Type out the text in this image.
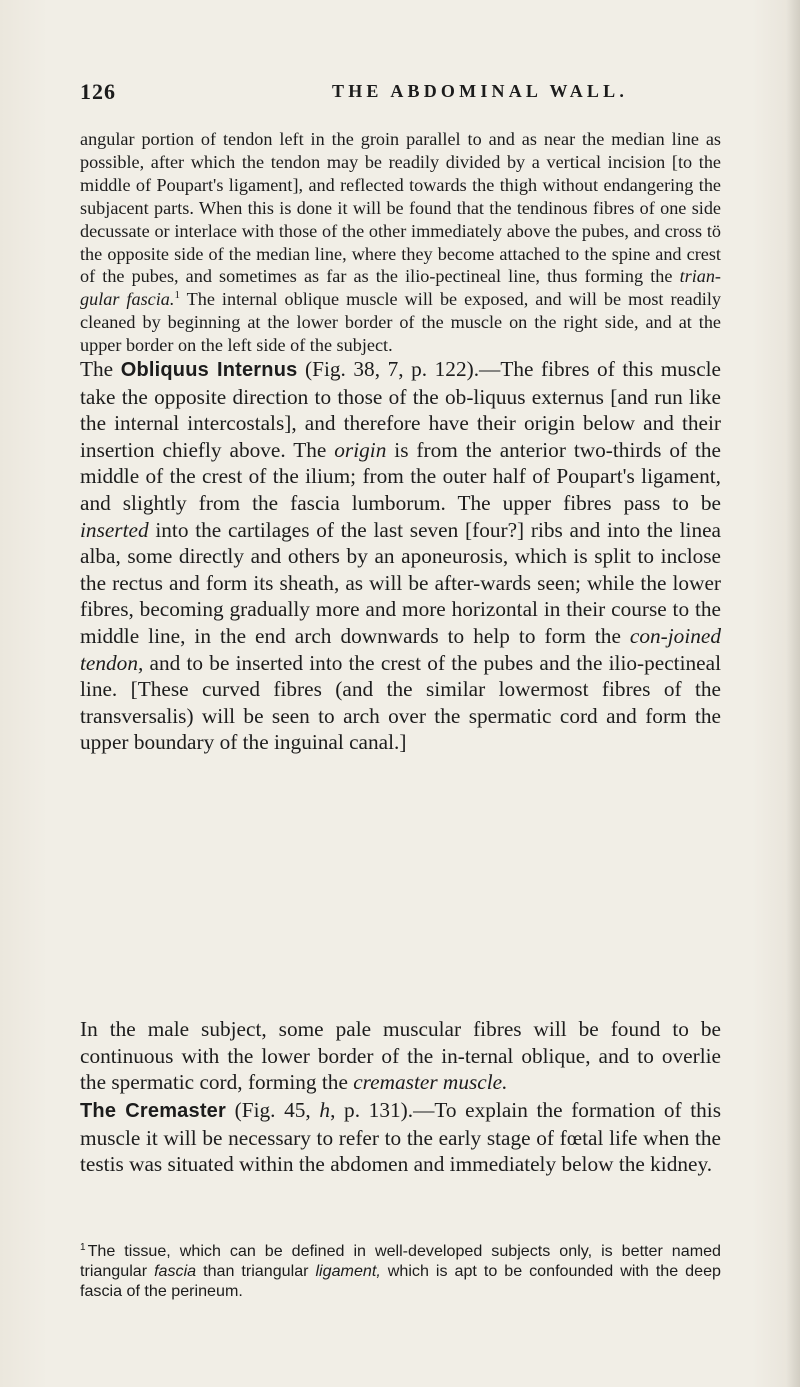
126	THE ABDOMINAL WALL.

angular portion of tendon left in the groin parallel to and as near the median line as possible, after which the tendon may be readily divided by a vertical incision [to the middle of Poupart's ligament], and reflected towards the thigh without endangering the subjacent parts. When this is done it will be found that the tendinous fibres of one side decussate or interlace with those of the other immediately above the pubes, and cross tö the opposite side of the median line, where they become attached to the spine and crest of the pubes, and sometimes as far as the ilio-pectineal line, thus forming the trian-gular fascia.$^1$ The internal oblique muscle will be exposed, and will be most readily cleaned by beginning at the lower border of the muscle on the right side, and at the upper border on the left side of the subject.

The Obliquus Internus (Fig. 38, 7, p. 122).—The fibres of this muscle take the opposite direction to those of the ob-liquus externus [and run like the internal intercostals], and therefore have their origin below and their insertion chiefly above. The origin is from the anterior two-thirds of the middle of the crest of the ilium; from the outer half of Poupart's ligament, and slightly from the fascia lumborum. The upper fibres pass to be inserted into the cartilages of the last seven [four?] ribs and into the linea alba, some directly and others by an aponeurosis, which is split to inclose the rectus and form its sheath, as will be after-wards seen; while the lower fibres, becoming gradually more and more horizontal in their course to the middle line, in the end arch downwards to help to form the con-joined tendon, and to be inserted into the crest of the pubes and the ilio-pectineal line. [These curved fibres (and the similar lowermost fibres of the transversalis) will be seen to arch over the spermatic cord and form the upper boundary of the inguinal canal.]

In the male subject, some pale muscular fibres will be found to be continuous with the lower border of the in-ternal oblique, and to overlie the spermatic cord, forming the cremaster muscle.

The Cremaster (Fig. 45, h, p. 131).—To explain the formation of this muscle it will be necessary to refer to the early stage of fœtal life when the testis was situated within the abdomen and immediately below the kidney.

$^1$ The tissue, which can be defined in well-developed subjects only, is better named triangular fascia than triangular ligament, which is apt to be confounded with the deep fascia of the perineum.
